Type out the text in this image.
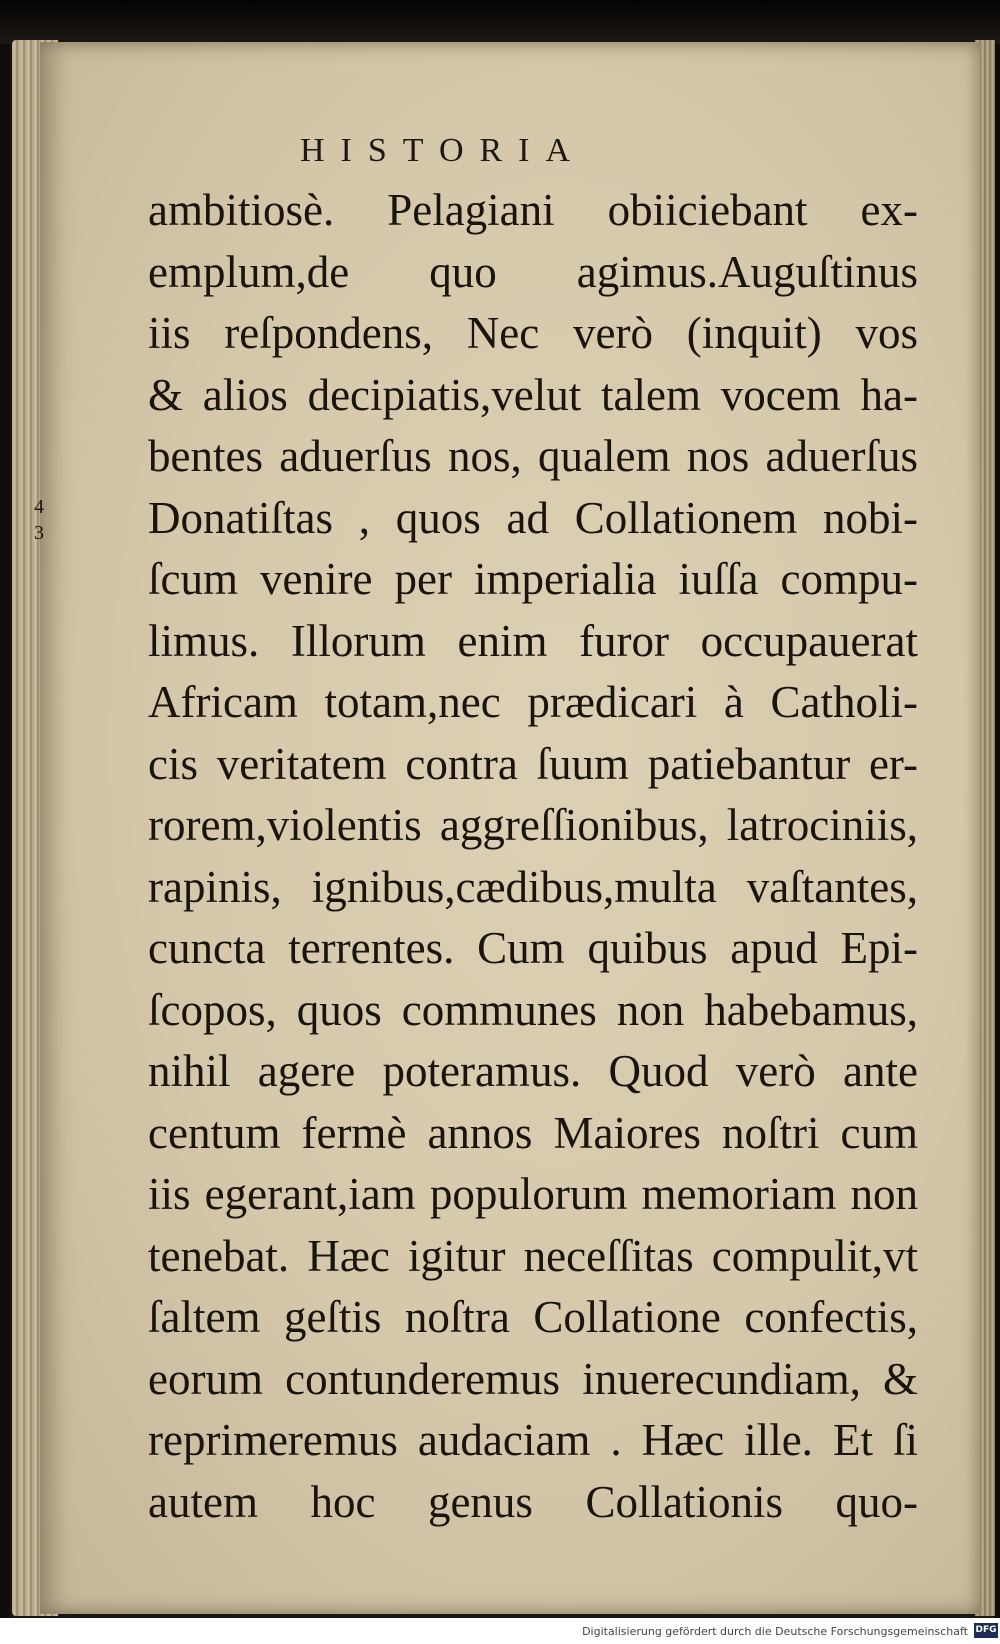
HISTORIA
4
3
ambitiosè. Pelagiani obiiciebant ex-
emplum,de quo agimus.Auguſtinus
iis reſpondens, Nec verò (inquit) vos
& alios decipiatis,velut talem vocem ha-
bentes aduerſus nos, qualem nos aduerſus
Donatiſtas , quos ad Collationem nobi-
ſcum venire per imperialia iuſſa compu-
limus. Illorum enim furor occupauerat
Africam totam,nec prædicari à Catholi-
cis veritatem contra ſuum patiebantur er-
rorem,violentis aggreſſionibus, latrociniis,
rapinis, ignibus,cædibus,multa vaſtantes,
cuncta terrentes. Cum quibus apud Epi-
ſcopos, quos communes non habebamus,
nihil agere poteramus. Quod verò ante
centum fermè annos Maiores noſtri cum
iis egerant,iam populorum memoriam non
tenebat. Hæc igitur neceſſitas compulit,vt
ſaltem geſtis noſtra Collatione confectis,
eorum contunderemus inuerecundiam, &
reprimeremus audaciam . Hæc ille. Et ſi
autem hoc genus Collationis quo-
Digitalisierung gefördert durch die Deutsche Forschungsgemeinschaft DFG
